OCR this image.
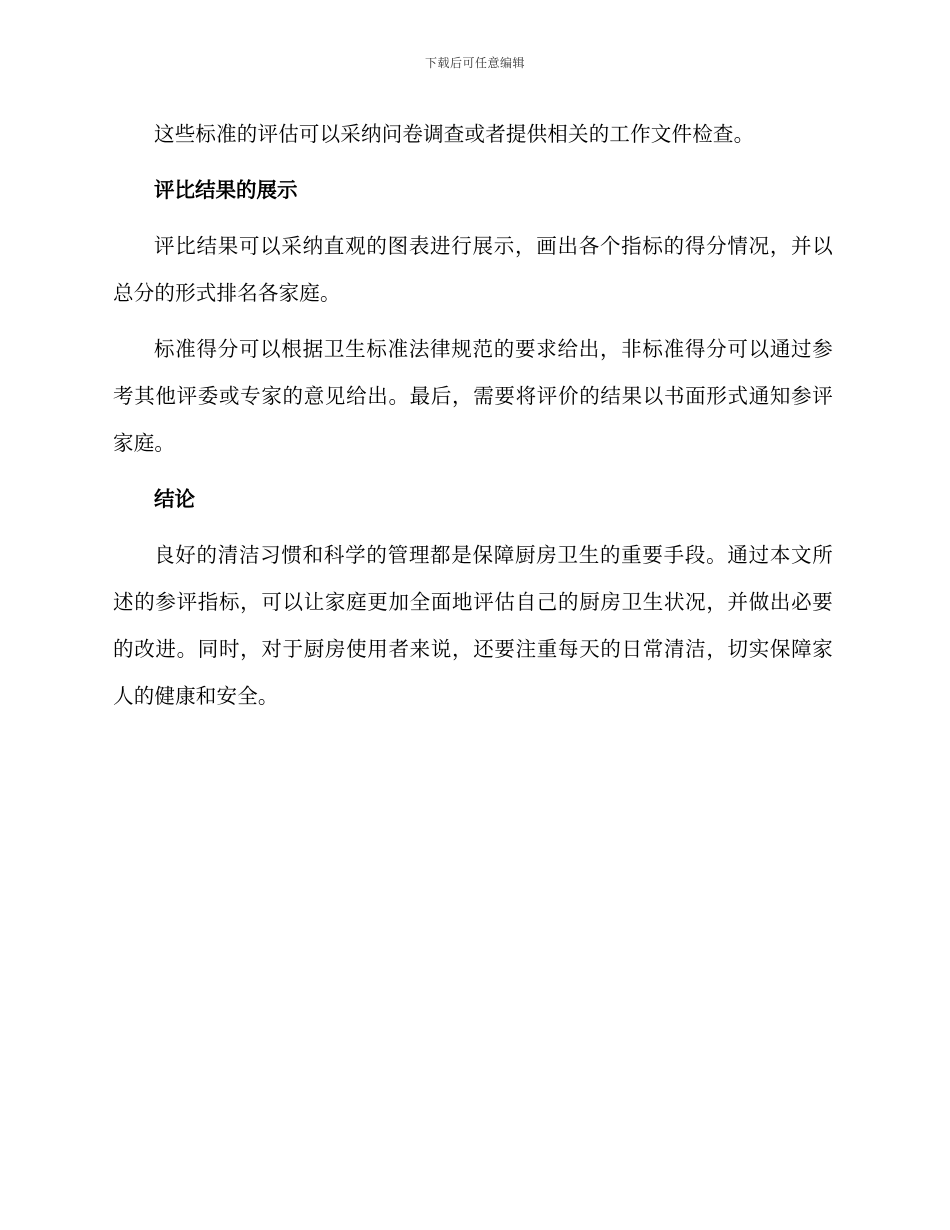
下载后可任意编辑

这些标准的评估可以采纳问卷调查或者提供相关的工作文件检查。

评比结果的展示

评比结果可以采纳直观的图表进行展示，画出各个指标的得分情况，并以总分的形式排名各家庭。

标准得分可以根据卫生标准法律规范的要求给出，非标准得分可以通过参考其他评委或专家的意见给出。最后，需要将评价的结果以书面形式通知参评家庭。

结论

良好的清洁习惯和科学的管理都是保障厨房卫生的重要手段。通过本文所述的参评指标，可以让家庭更加全面地评估自己的厨房卫生状况，并做出必要的改进。同时，对于厨房使用者来说，还要注重每天的日常清洁，切实保障家人的健康和安全。
